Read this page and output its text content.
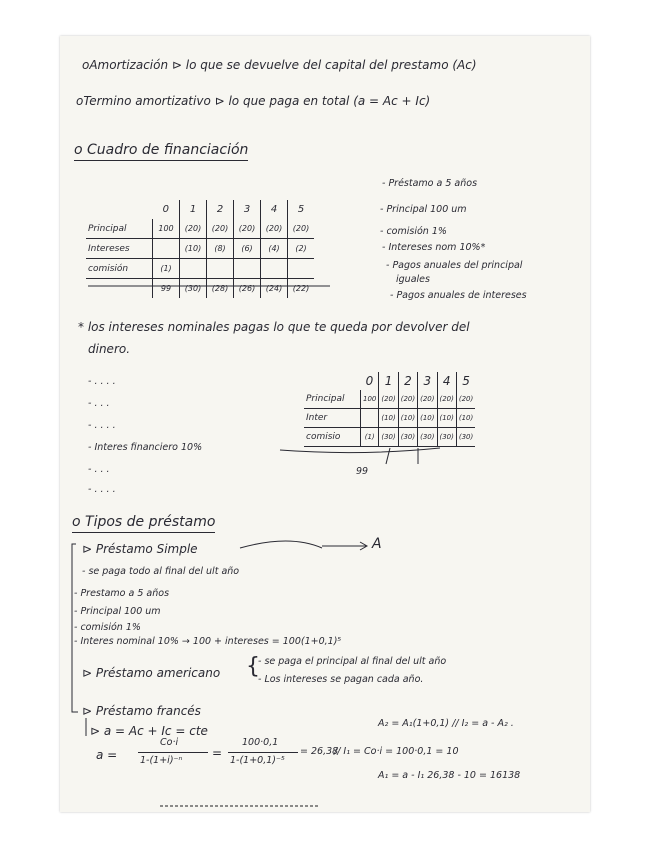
oAmortización ⊳ lo que se devuelve del capital del prestamo (Ac)
oTermino amortizativo ⊳ lo que paga en total (a = Ac + Ic)
o Cuadro de financiación
	0	1	2	3	4	5
Principal	100	(20)	(20)	(20)	(20)	(20)
Intereses		(10)	(8)	(6)	(4)	(2)
comisión	(1)					
	99	(30)	(28)	(26)	(24)	(22)
- Préstamo a 5 años
- Principal 100 um
- comisión 1%
- Intereses nom 10%*
- Pagos anuales del principal
iguales
- Pagos anuales de intereses
* los intereses nominales pagas lo que te queda por devolver del
dinero.
- . . . .
- . . .
- . . . .
- Interes financiero 10%
- . . .
- . . . .
	0	1	2	3	4	5
Principal	100	(20)	(20)	(20)	(20)	(20)
Inter		(10)	(10)	(10)	(10)	(10)
comisio	(1)	(30)	(30)	(30)	(30)	(30)
99
o Tipos de préstamo
⊳ Préstamo Simple	A
- se paga todo al final del ult año
- Prestamo a 5 años
- Principal 100 um
- comisión 1%
- Interes nominal 10% → 100 + intereses = 100(1+0,1)⁵
⊳ Préstamo americano {
- se paga el principal al final del ult año
- Los intereses se pagan cada año.
⊳ Préstamo francés
⊳ a = Ac + Ic = cte
a =
Co·i
1-(1+i)⁻ⁿ
=
100·0,1
1-(1+0,1)⁻⁵
= 26,38
A₂ = A₁(1+0,1) // I₂ = a - A₂ .
// I₁ = Co·i = 100·0,1 = 10
A₁ = a - I₁ 26,38 - 10 = 16138
